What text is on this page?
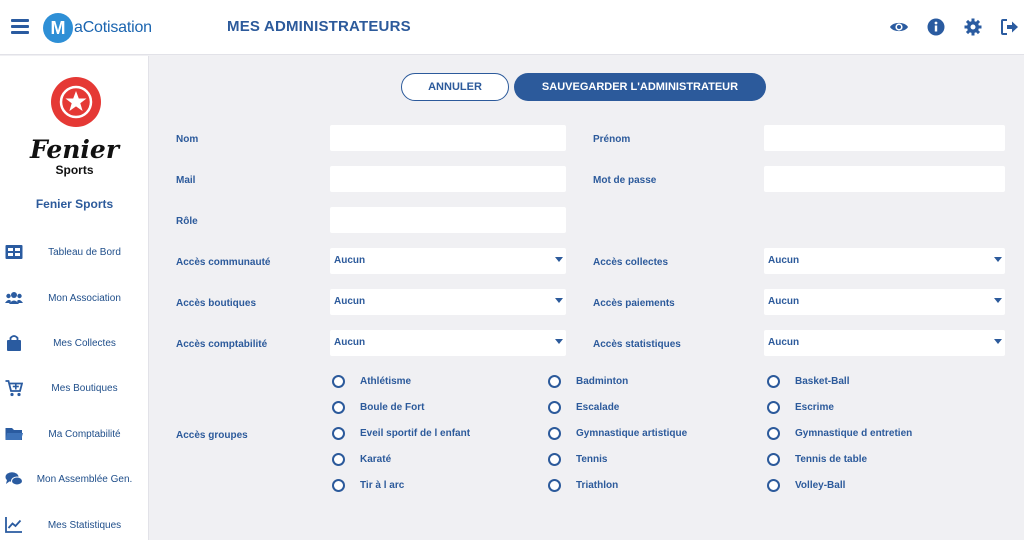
M aCotisation	MES ADMINISTRATEURS
Fenier
Sports
Fenier Sports
Tableau de Bord
Mon Association
Mes Collectes
Mes Boutiques
Ma Comptabilité
Mon Assemblée Gen.
Mes Statistiques
ANNULER	SAUVEGARDER L'ADMINISTRATEUR
Nom	Prénom
Mail	Mot de passe
Rôle
Accès communauté	Aucun	Accès collectes	Aucun
Accès boutiques	Aucun	Accès paiements	Aucun
Accès comptabilité	Aucun	Accès statistiques	Aucun
Accès groupes
Athlétisme	Badminton	Basket-Ball
Boule de Fort	Escalade	Escrime
Eveil sportif de l enfant	Gymnastique artistique	Gymnastique d entretien
Karaté	Tennis	Tennis de table
Tir à l arc	Triathlon	Volley-Ball
